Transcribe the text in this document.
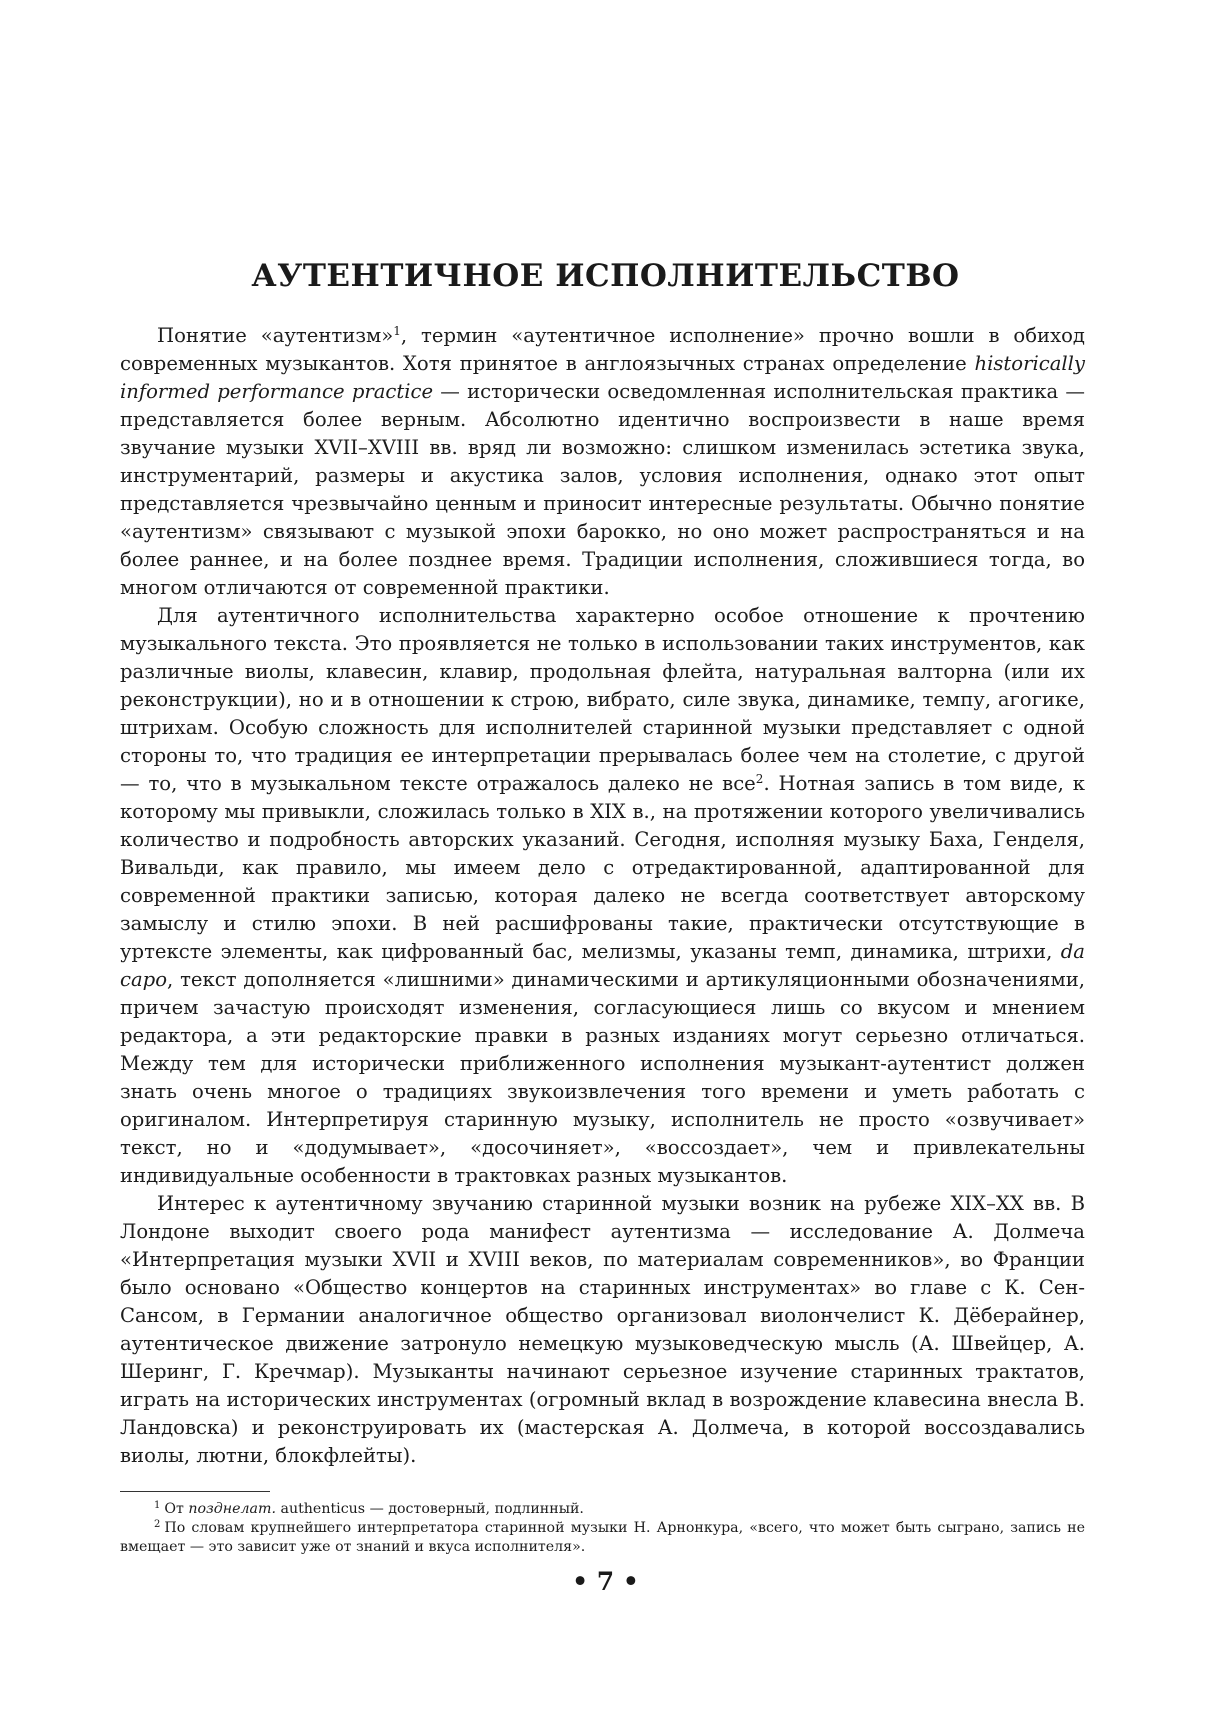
АУТЕНТИЧНОЕ ИСПОЛНИТЕЛЬСТВО

Понятие «аутентизм»$^1$, термин «аутентичное исполнение» прочно вошли в обиход современных музыкантов. Хотя принятое в англоязычных странах определение historically informed performance practice — исторически осведомленная исполнительская практика — представляется более верным. Абсолютно идентично воспроизвести в наше время звучание музыки XVII–XVIII вв. вряд ли возможно: слишком изменилась эстетика звука, инструментарий, размеры и акустика залов, условия исполнения, однако этот опыт представляется чрезвычайно ценным и приносит интересные результаты. Обычно понятие «аутентизм» связывают с музыкой эпохи барокко, но оно может распространяться и на более раннее, и на более позднее время. Традиции исполнения, сложившиеся тогда, во многом отличаются от современной практики.

Для аутентичного исполнительства характерно особое отношение к прочтению музыкального текста. Это проявляется не только в использовании таких инструментов, как различные виолы, клавесин, клавир, продольная флейта, натуральная валторна (или их реконструкции), но и в отношении к строю, вибрато, силе звука, динамике, темпу, агогике, штрихам. Особую сложность для исполнителей старинной музыки представляет с одной стороны то, что традиция ее интерпретации прерывалась более чем на столетие, с другой — то, что в музыкальном тексте отражалось далеко не все$^2$. Нотная запись в том виде, к которому мы привыкли, сложилась только в XIX в., на протяжении которого увеличивались количество и подробность авторских указаний. Сегодня, исполняя музыку Баха, Генделя, Вивальди, как правило, мы имеем дело с отредактированной, адаптированной для современной практики записью, которая далеко не всегда соответствует авторскому замыслу и стилю эпохи. В ней расшифрованы такие, практически отсутствующие в уртексте элементы, как цифрованный бас, мелизмы, указаны темп, динамика, штрихи, da capo, текст дополняется «лишними» динамическими и артикуляционными обозначениями, причем зачастую происходят изменения, согласующиеся лишь со вкусом и мнением редактора, а эти редакторские правки в разных изданиях могут серьезно отличаться. Между тем для исторически приближенного исполнения музыкант-аутентист должен знать очень многое о традициях звукоизвлечения того времени и уметь работать с оригиналом. Интерпретируя старинную музыку, исполнитель не просто «озвучивает» текст, но и «додумывает», «досочиняет», «воссоздает», чем и привлекательны индивидуальные особенности в трактовках разных музыкантов.

Интерес к аутентичному звучанию старинной музыки возник на рубеже XIX–XX вв. В Лондоне выходит своего рода манифест аутентизма — исследование А. Долмеча «Интерпретация музыки XVII и XVIII веков, по материалам современников», во Франции было основано «Общество концертов на старинных инструментах» во главе с К. Сен-Сансом, в Германии аналогичное общество организовал виолончелист К. Дёберайнер, аутентическое движение затронуло немецкую музыковедческую мысль (А. Швейцер, А. Шеринг, Г. Кречмар). Музыканты начинают серьезное изучение старинных трактатов, играть на исторических инструментах (огромный вклад в возрождение клавесина внесла В. Ландовска) и реконструировать их (мастерская А. Долмеча, в которой воссоздавались виолы, лютни, блокфлейты).

$^1$ От позднелат. authenticus — достоверный, подлинный.

$^2$ По словам крупнейшего интерпретатора старинной музыки Н. Арнонкура, «всего, что может быть сыграно, запись не вмещает — это зависит уже от знаний и вкуса исполнителя».

• 7 •
